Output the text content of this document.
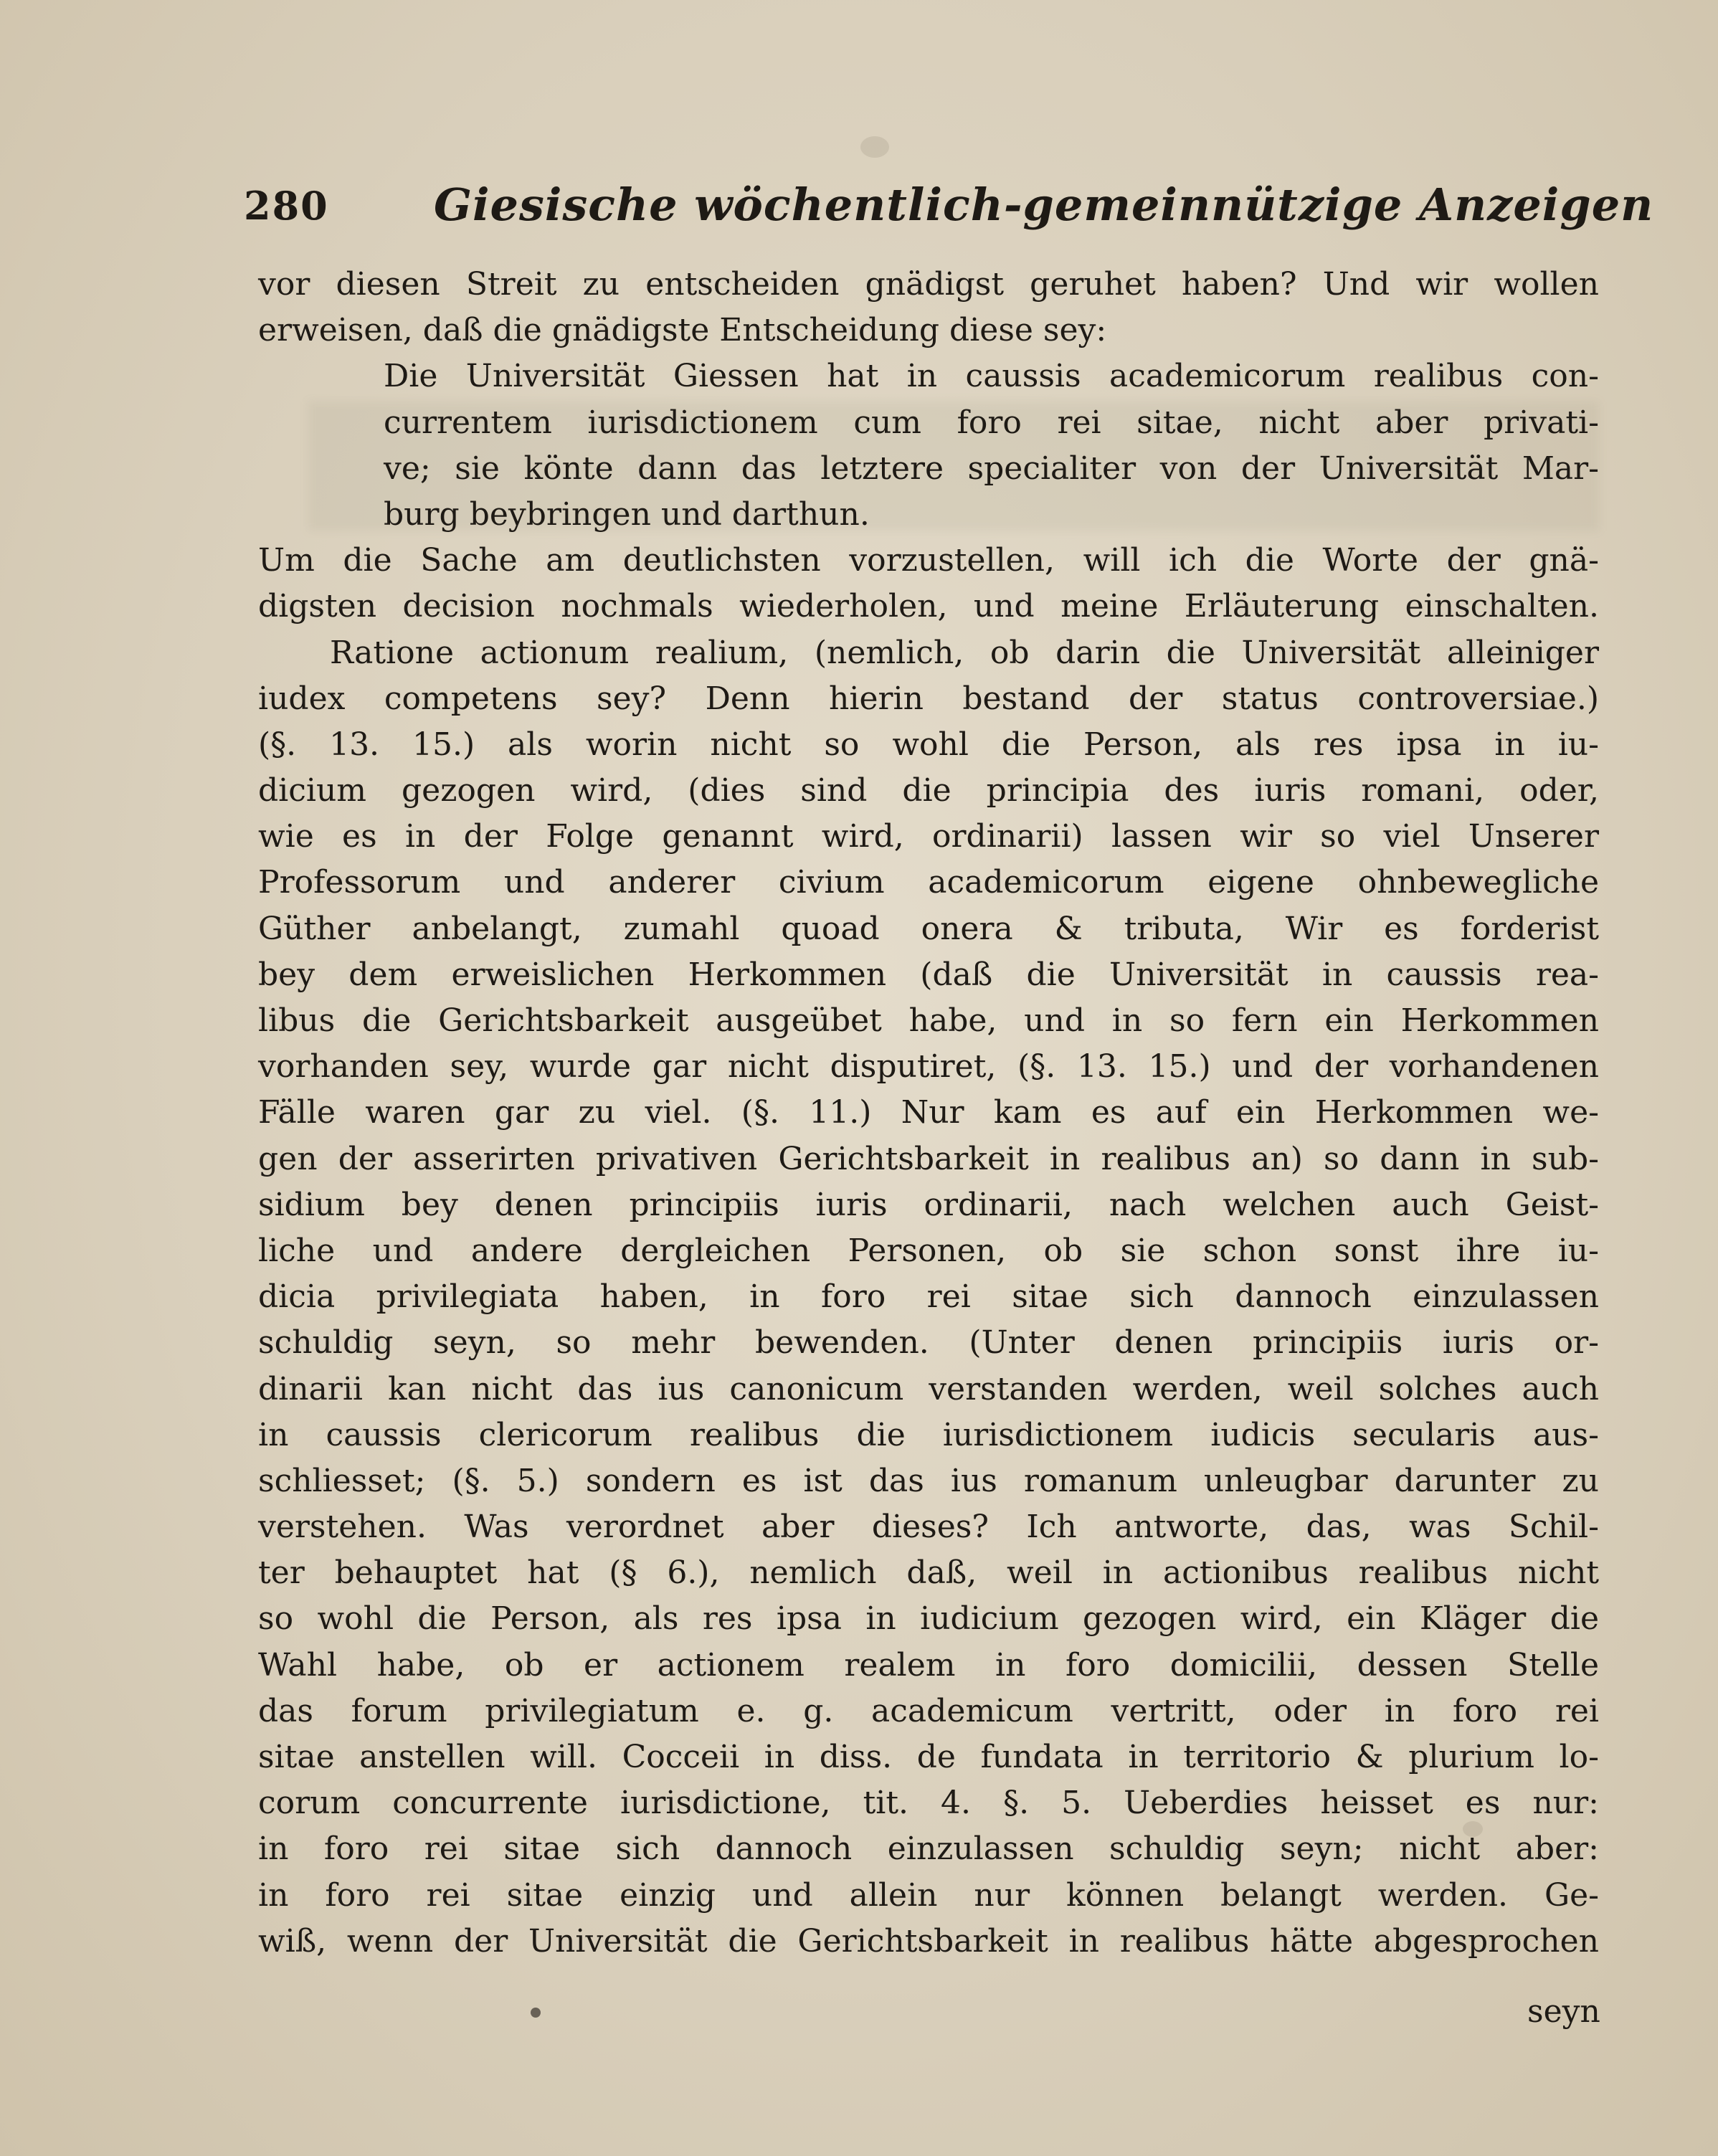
280 Giesische wöchentlich-gemeinnützige Anzeigen
vor diesen Streit zu entscheiden gnädigst geruhet haben? Und wir wollen
erweisen, daß die gnädigste Entscheidung diese sey:
Die Universität Giessen hat in caussis academicorum realibus con-
currentem iurisdictionem cum foro rei sitae, nicht aber privati-
ve; sie könte dann das letztere specialiter von der Universität Mar-
burg beybringen und darthun.
Um die Sache am deutlichsten vorzustellen, will ich die Worte der gnä-
digsten decision nochmals wiederholen, und meine Erläuterung einschalten.
Ratione actionum realium, (nemlich, ob darin die Universität alleiniger
iudex competens sey? Denn hierin bestand der status controversiae.)
(§. 13. 15.) als worin nicht so wohl die Person, als res ipsa in iu-
dicium gezogen wird, (dies sind die principia des iuris romani, oder,
wie es in der Folge genannt wird, ordinarii) lassen wir so viel Unserer
Professorum und anderer civium academicorum eigene ohnbewegliche
Güther anbelangt, zumahl quoad onera & tributa, Wir es forderist
bey dem erweislichen Herkommen (daß die Universität in caussis rea-
libus die Gerichtsbarkeit ausgeübet habe, und in so fern ein Herkommen
vorhanden sey, wurde gar nicht disputiret, (§. 13. 15.) und der vorhandenen
Fälle waren gar zu viel. (§. 11.) Nur kam es auf ein Herkommen we-
gen der asserirten privativen Gerichtsbarkeit in realibus an) so dann in sub-
sidium bey denen principiis iuris ordinarii, nach welchen auch Geist-
liche und andere dergleichen Personen, ob sie schon sonst ihre iu-
dicia privilegiata haben, in foro rei sitae sich dannoch einzulassen
schuldig seyn, so mehr bewenden. (Unter denen principiis iuris or-
dinarii kan nicht das ius canonicum verstanden werden, weil solches auch
in caussis clericorum realibus die iurisdictionem iudicis secularis aus-
schliesset; (§. 5.) sondern es ist das ius romanum unleugbar darunter zu
verstehen. Was verordnet aber dieses? Ich antworte, das, was Schil-
ter behauptet hat (§ 6.), nemlich daß, weil in actionibus realibus nicht
so wohl die Person, als res ipsa in iudicium gezogen wird, ein Kläger die
Wahl habe, ob er actionem realem in foro domicilii, dessen Stelle
das forum privilegiatum e. g. academicum vertritt, oder in foro rei
sitae anstellen will. Cocceii in diss. de fundata in territorio & plurium lo-
corum concurrente iurisdictione, tit. 4. §. 5. Ueberdies heisset es nur:
in foro rei sitae sich dannoch einzulassen schuldig seyn; nicht aber:
in foro rei sitae einzig und allein nur können belangt werden. Ge-
wiß, wenn der Universität die Gerichtsbarkeit in realibus hätte abgesprochen
seyn
